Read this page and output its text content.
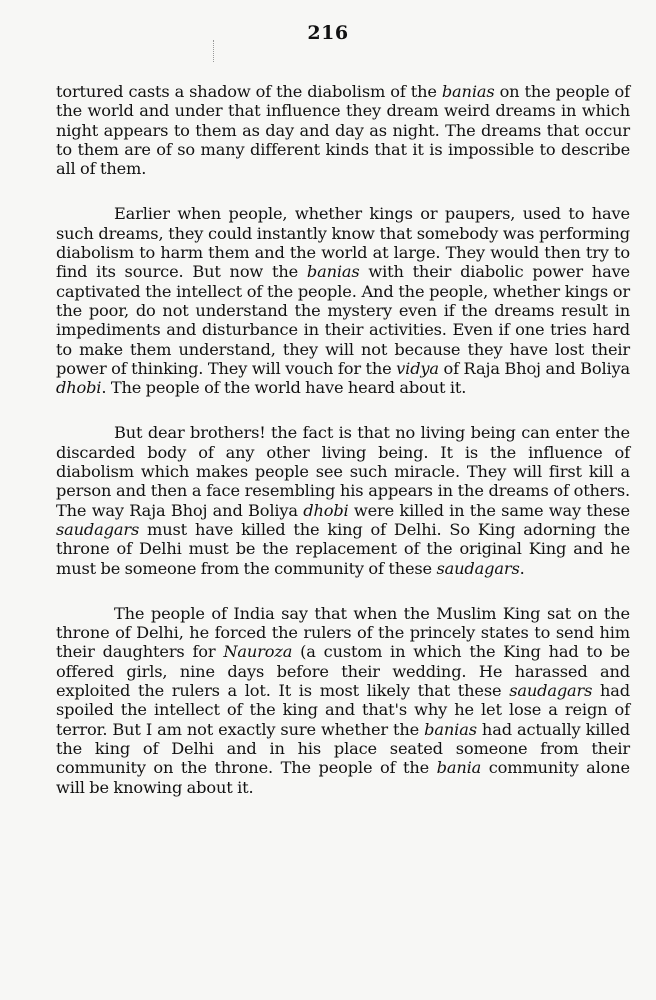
216

tortured casts a shadow of the diabolism of the banias on the people of the world and under that influence they dream weird dreams in which night appears to them as day and day as night. The dreams that occur to them are of so many different kinds that it is impossible to describe all of them.

Earlier when people, whether kings or paupers, used to have such dreams, they could instantly know that somebody was performing diabolism to harm them and the world at large. They would then try to find its source. But now the banias with their diabolic power have captivated the intellect of the people. And the people, whether kings or the poor, do not understand the mystery even if the dreams result in impediments and disturbance in their activities. Even if one tries hard to make them understand, they will not because they have lost their power of thinking. They will vouch for the vidya of Raja Bhoj and Boliya dhobi. The people of the world have heard about it.

But dear brothers! the fact is that no living being can enter the discarded body of any other living being. It is the influence of diabolism which makes people see such miracle. They will first kill a person and then a face resembling his appears in the dreams of others. The way Raja Bhoj and Boliya dhobi were killed in the same way these saudagars must have killed the king of Delhi. So King adorning the throne of Delhi must be the replacement of the original King and he must be someone from the community of these saudagars.

The people of India say that when the Muslim King sat on the throne of Delhi, he forced the rulers of the princely states to send him their daughters for Nauroza (a custom in which the King had to be offered girls, nine days before their wedding. He harassed and exploited the rulers a lot. It is most likely that these saudagars had spoiled the intellect of the king and that's why he let lose a reign of terror. But I am not exactly sure whether the banias had actually killed the king of Delhi and in his place seated someone from their community on the throne. The people of the bania community alone will be knowing about it.
